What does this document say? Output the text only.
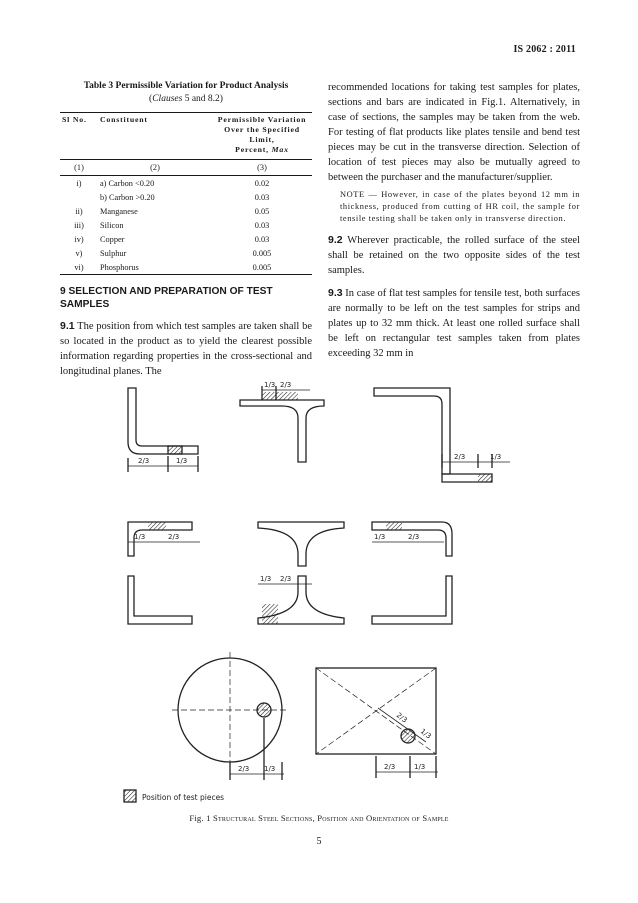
IS 2062 : 2011
Table 3 Permissible Variation for Product Analysis
(Clauses 5 and 8.2)
Sl No.	Constituent	Permissible Variation
Over the Specified Limit,
Percent, Max

(1)	(2)	(3)
i)	a) Carbon <0.20	0.02
	b) Carbon >0.20	0.03
ii)	Manganese	0.05
iii)	Silicon	0.03
iv)	Copper	0.03
v)	Sulphur	0.005
vi)	Phosphorus	0.005
9 SELECTION AND PREPARATION OF TEST SAMPLES

9.1 The position from which test samples are taken shall be so located in the product as to yield the clearest possible information regarding properties in the cross-sectional and longitudinal planes. The

recommended locations for taking test samples for plates, sections and bars are indicated in Fig.1. Alternatively, in case of sections, the samples may be taken from the web. For testing of flat products like plates tensile and bend test pieces may be cut in the transverse direction. Selection of location of test pieces may also be mutually agreed to between the purchaser and the manufacturer/supplier.

NOTE — However, in case of the plates beyond 12 mm in thickness, produced from cutting of HR coil, the sample for tensile testing shall be taken only in transverse direction.

9.2 Wherever practicable, the rolled surface of the steel shall be retained on the two opposite sides of the test samples.

9.3 In case of flat test samples for tensile test, both surfaces are normally to be left on the test samples for strips and plates up to 32 mm thick. At least one rolled surface shall be left on rectangular test samples taken from plates exceeding 32 mm in

2/3	1/3
1/3 2/3
2/3	1/3
1/3	2/3
1/3 2/3
1/3	2/3
2/3 1/3	2/3	1/3
2/3
1/3
Position of test pieces
Fig. 1 Structural Steel Sections, Position and Orientation of Sample
5
